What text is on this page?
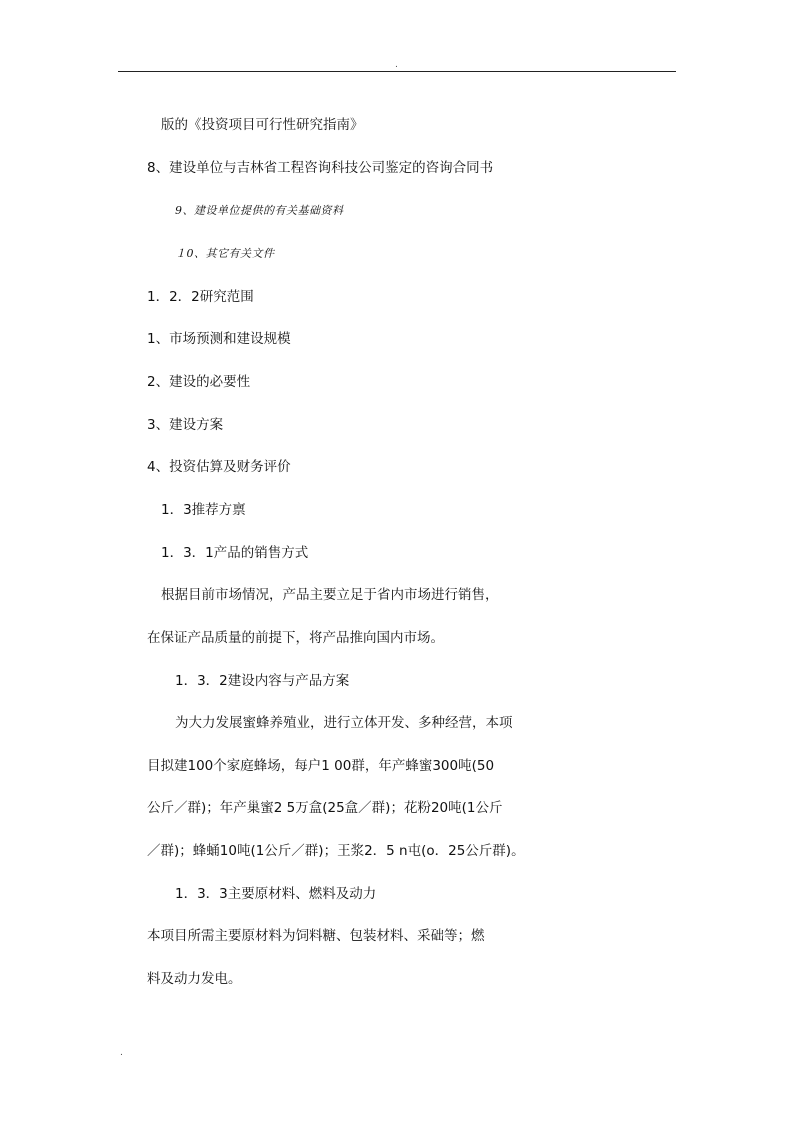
.
版的《投资项目可行性研究指南》
8、建设单位与吉林省工程咨询科技公司鉴定的咨询合同书
9、建设单位提供的有关基础资料
１0、其它有关文件
1．2．2研究范围
1、市场预测和建设规模
2、建设的必要性
3、建设方案
4、投资估算及财务评价
1．3推荐方禀
1．3．1产品的销售方式
根据目前市场情况，产品主要立足于省内市场进行销售，
在保证产品质量的前提下，将产品推向国内市场。
1．3．2建设内容与产品方案
为大力发展蜜蜂养殖业，进行立体开发、多种经营，本项
目拟建100个家庭蜂场，每户1 00群，年产蜂蜜300吨(50
公斤／群)；年产巢蜜2 5万盒(25盒／群)；花粉20吨(1公斤
／群)；蜂蛹10吨(1公斤／群)；王浆2．5 n屯(o．25公斤群)。
1．3．3主要原材料、燃料及动力
本项目所需主要原材料为饲料糖、包装材料、采础等；燃
料及动力发电。
.
